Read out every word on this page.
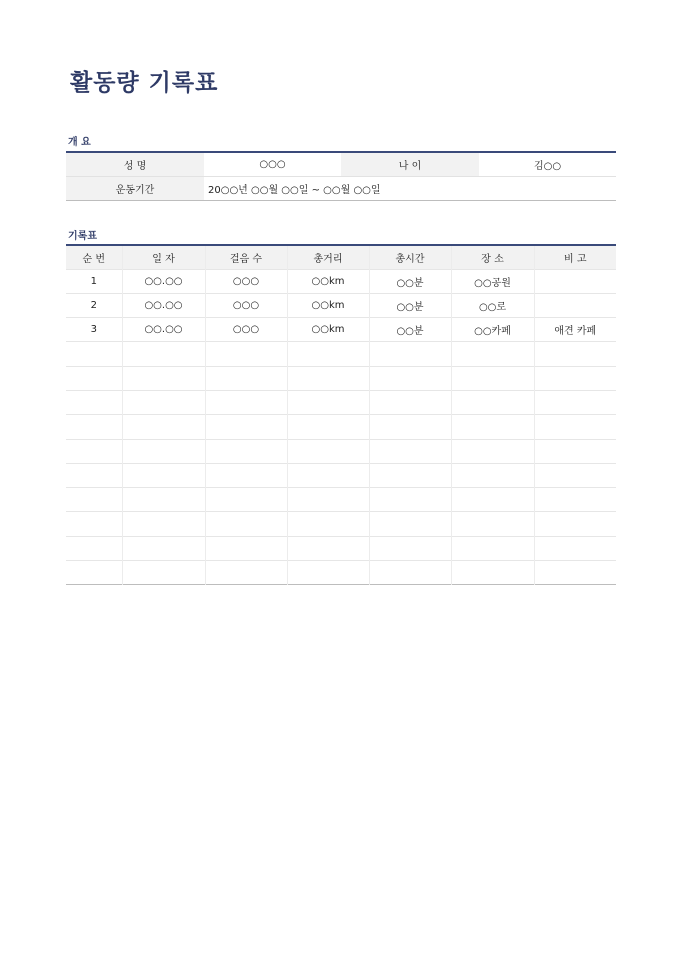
활동량 기록표
개 요
성 명	○○○	나 이	김○○
운동기간	20○○년 ○○월 ○○일 ~ ○○월 ○○일		
기록표
순 번	일 자	걸음 수	총거리	총시간	장 소	비 고
1	○○.○○	○○○	○○km	○○분	○○공원	
2	○○.○○	○○○	○○km	○○분	○○로	
3	○○.○○	○○○	○○km	○○분	○○카페	애견 카페
